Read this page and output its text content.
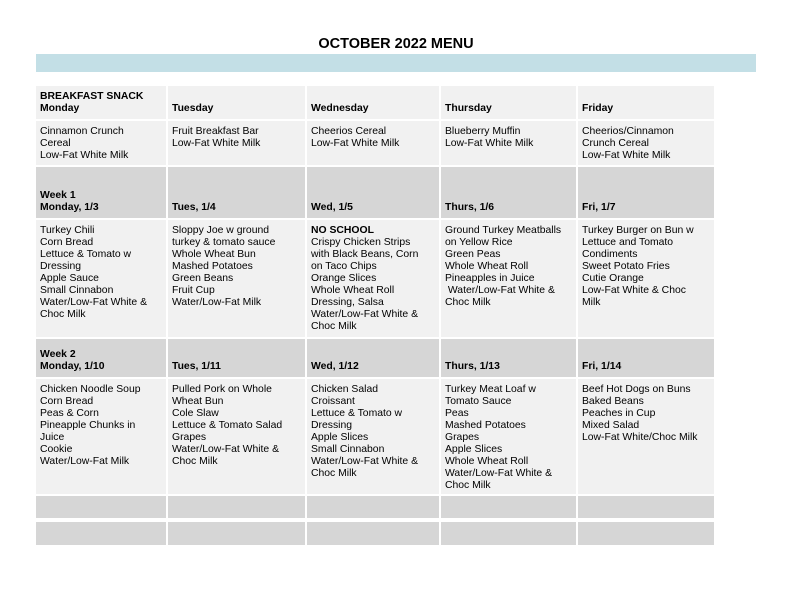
OCTOBER 2022 MENU
BREAKFAST SNACK
Monday
Cinnamon Crunch
Cereal
Low-Fat White Milk
Tuesday
Fruit Breakfast Bar
Low-Fat White Milk
Wednesday
Cheerios Cereal
Low-Fat White Milk
Thursday
Blueberry Muffin
Low-Fat White Milk
Friday
Cheerios/Cinnamon
Crunch Cereal
Low-Fat White Milk
Week 1
Monday, 1/3
Turkey Chili
Corn Bread
Lettuce & Tomato w
Dressing
Apple Sauce
Small Cinnabon
Water/Low-Fat White &
Choc Milk
Tues, 1/4
Sloppy Joe w ground
turkey & tomato sauce
Whole Wheat Bun
Mashed Potatoes
Green Beans
Fruit Cup
Water/Low-Fat Milk
Wed, 1/5
NO SCHOOL
Crispy Chicken Strips
with Black Beans, Corn
on Taco Chips
Orange Slices
Whole Wheat Roll
Dressing, Salsa
Water/Low-Fat White &
Choc Milk
Thurs, 1/6
Ground Turkey Meatballs
on Yellow Rice
Green Peas
Whole Wheat Roll
Pineapples in Juice
Water/Low-Fat White &
Choc Milk
Fri, 1/7
Turkey Burger on Bun w
Lettuce and Tomato
Condiments
Sweet Potato Fries
Cutie Orange
Low-Fat White & Choc
Milk
Week 2
Monday, 1/10
Chicken Noodle Soup
Corn Bread
Peas & Corn
Pineapple Chunks in
Juice
Cookie
Water/Low-Fat Milk
Tues, 1/11
Pulled Pork on Whole
Wheat Bun
Cole Slaw
Lettuce & Tomato Salad
Grapes
Water/Low-Fat White &
Choc Milk
Wed, 1/12
Chicken Salad
Croissant
Lettuce & Tomato w
Dressing
Apple Slices
Small Cinnabon
Water/Low-Fat White &
Choc Milk
Thurs, 1/13
Turkey Meat Loaf w
Tomato Sauce
Peas
Mashed Potatoes
Grapes
Apple Slices
Whole Wheat Roll
Water/Low-Fat White &
Choc Milk
Fri, 1/14
Beef Hot Dogs on Buns
Baked Beans
Peaches in Cup
Mixed Salad
Low-Fat White/Choc Milk
